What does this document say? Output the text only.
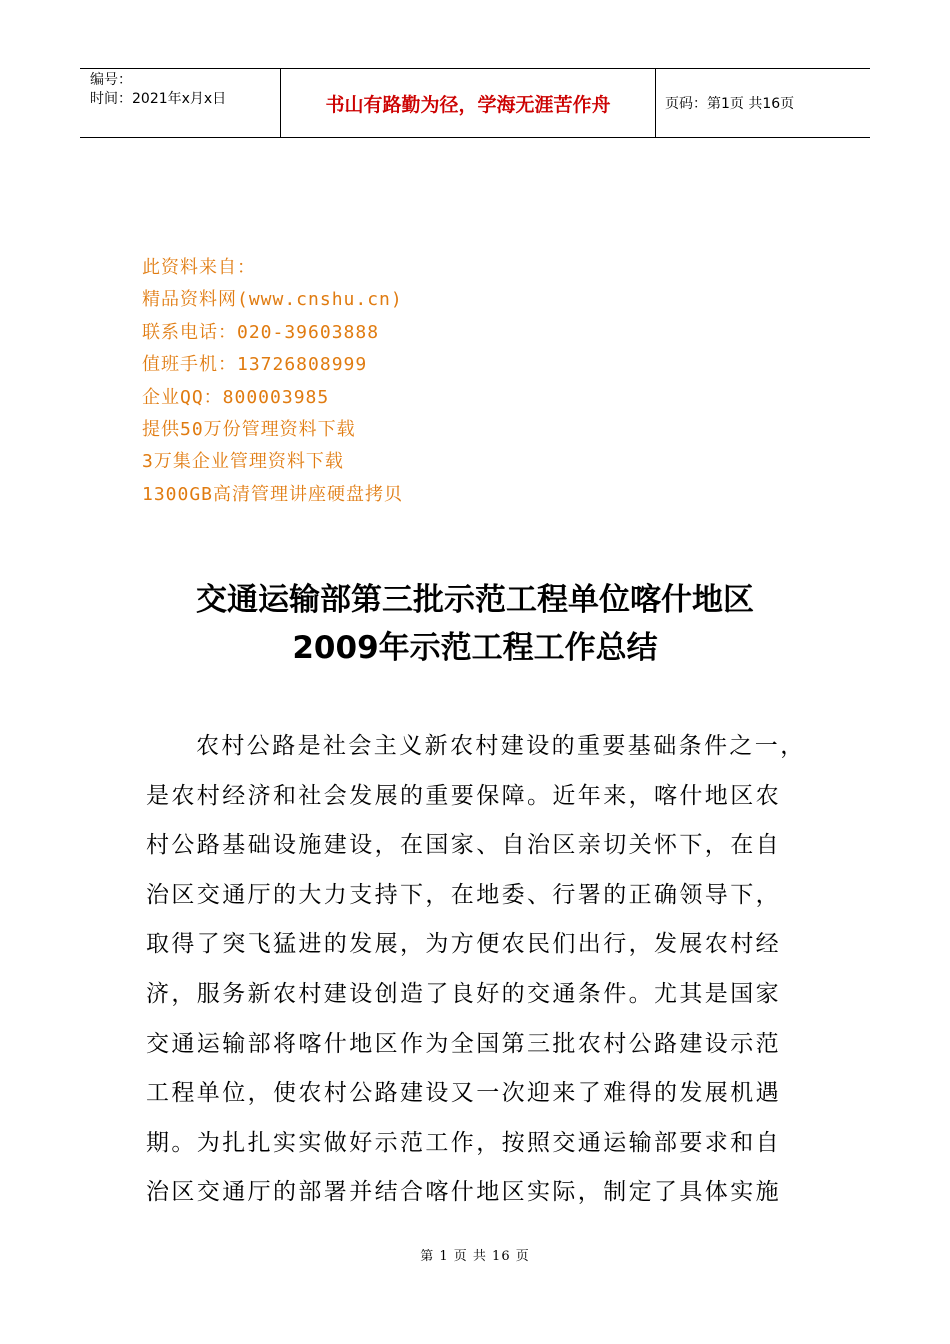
编号：
时间：2021年x月x日	书山有路勤为径，学海无涯苦作舟	页码：第1页 共16页
此资料来自：
精品资料网(www.cnshu.cn)
联系电话：020-39603888
值班手机：13726808999
企业QQ：800003985
提供50万份管理资料下载
3万集企业管理资料下载
1300GB高清管理讲座硬盘拷贝
交通运输部第三批示范工程单位喀什地区
2009年示范工程工作总结
农村公路是社会主义新农村建设的重要基础条件之一，
是农村经济和社会发展的重要保障。近年来，喀什地区农
村公路基础设施建设，在国家、自治区亲切关怀下，在自
治区交通厅的大力支持下，在地委、行署的正确领导下，
取得了突飞猛进的发展，为方便农民们出行，发展农村经
济，服务新农村建设创造了良好的交通条件。尤其是国家
交通运输部将喀什地区作为全国第三批农村公路建设示范
工程单位，使农村公路建设又一次迎来了难得的发展机遇
期。为扎扎实实做好示范工作，按照交通运输部要求和自
治区交通厅的部署并结合喀什地区实际，制定了具体实施
第 1 页 共 16 页
